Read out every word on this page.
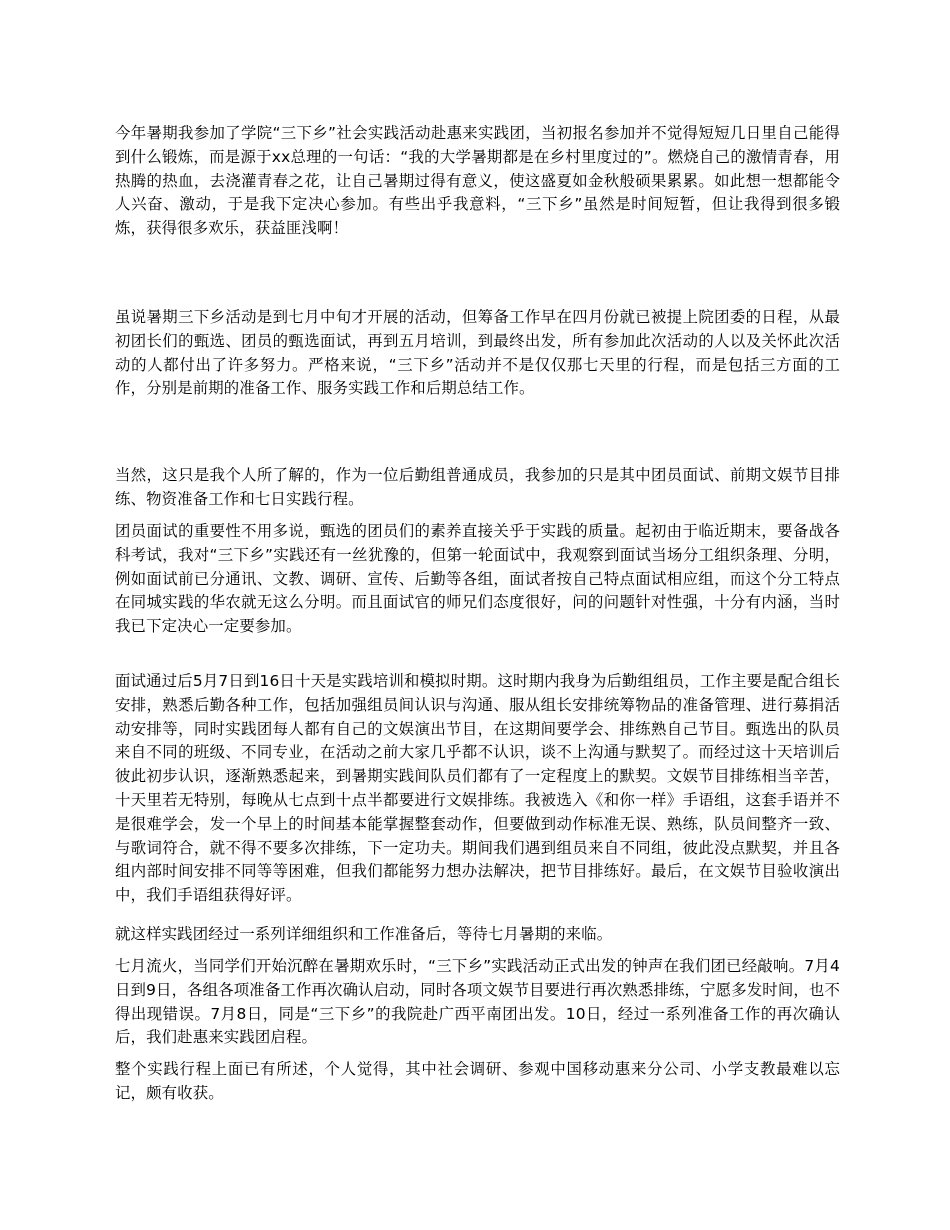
今年暑期我参加了学院“三下乡”社会实践活动赴惠来实践团，当初报名参加并不觉得短短几日里自己能得到什么锻炼，而是源于xx总理的一句话：“我的大学暑期都是在乡村里度过的”。燃烧自己的激情青春，用热腾的热血，去浇灌青春之花，让自己暑期过得有意义，使这盛夏如金秋般硕果累累。如此想一想都能令人兴奋、激动，于是我下定决心参加。有些出乎我意料，“三下乡”虽然是时间短暂，但让我得到很多锻炼，获得很多欢乐，获益匪浅啊！

虽说暑期三下乡活动是到七月中旬才开展的活动，但筹备工作早在四月份就已被提上院团委的日程，从最初团长们的甄选、团员的甄选面试，再到五月培训，到最终出发，所有参加此次活动的人以及关怀此次活动的人都付出了许多努力。严格来说，“三下乡”活动并不是仅仅那七天里的行程，而是包括三方面的工作，分别是前期的准备工作、服务实践工作和后期总结工作。

当然，这只是我个人所了解的，作为一位后勤组普通成员，我参加的只是其中团员面试、前期文娱节目排练、物资准备工作和七日实践行程。

团员面试的重要性不用多说，甄选的团员们的素养直接关乎于实践的质量。起初由于临近期末，要备战各科考试，我对“三下乡”实践还有一丝犹豫的，但第一轮面试中，我观察到面试当场分工组织条理、分明，例如面试前已分通讯、文教、调研、宣传、后勤等各组，面试者按自己特点面试相应组，而这个分工特点在同城实践的华农就无这么分明。而且面试官的师兄们态度很好，问的问题针对性强，十分有内涵，当时我已下定决心一定要参加。

面试通过后5月7日到16日十天是实践培训和模拟时期。这时期内我身为后勤组组员，工作主要是配合组长安排，熟悉后勤各种工作，包括加强组员间认识与沟通、服从组长安排统筹物品的准备管理、进行募捐活动安排等，同时实践团每人都有自己的文娱演出节目，在这期间要学会、排练熟自己节目。甄选出的队员来自不同的班级、不同专业，在活动之前大家几乎都不认识，谈不上沟通与默契了。而经过这十天培训后彼此初步认识，逐渐熟悉起来，到暑期实践间队员们都有了一定程度上的默契。文娱节目排练相当辛苦，十天里若无特别，每晚从七点到十点半都要进行文娱排练。我被选入《和你一样》手语组，这套手语并不是很难学会，发一个早上的时间基本能掌握整套动作，但要做到动作标准无误、熟练，队员间整齐一致、与歌词符合，就不得不要多次排练，下一定功夫。期间我们遇到组员来自不同组，彼此没点默契，并且各组内部时间安排不同等等困难，但我们都能努力想办法解决，把节目排练好。最后，在文娱节目验收演出中，我们手语组获得好评。

就这样实践团经过一系列详细组织和工作准备后，等待七月暑期的来临。

七月流火，当同学们开始沉醉在暑期欢乐时，“三下乡”实践活动正式出发的钟声在我们团已经敲响。7月4日到9日，各组各项准备工作再次确认启动，同时各项文娱节目要进行再次熟悉排练，宁愿多发时间，也不得出现错误。7月8日，同是“三下乡”的我院赴广西平南团出发。10日，经过一系列准备工作的再次确认后，我们赴惠来实践团启程。

整个实践行程上面已有所述，个人觉得，其中社会调研、参观中国移动惠来分公司、小学支教最难以忘记，颇有收获。
